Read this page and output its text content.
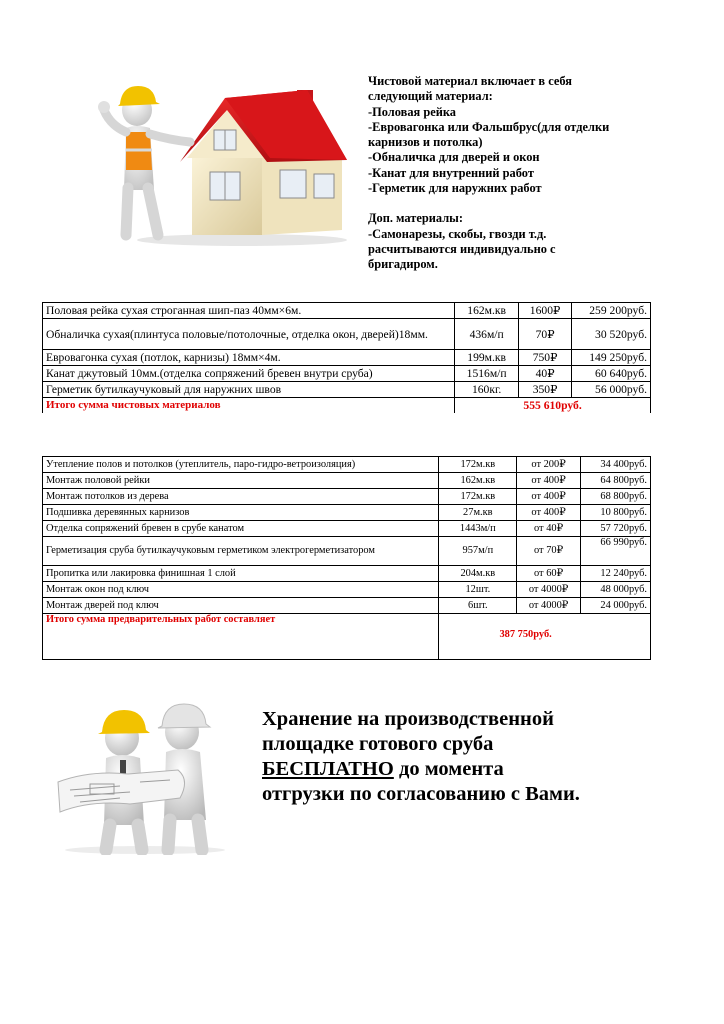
Чистовой материал включает в себя
следующий материал:
-Половая рейка
-Евровагонка или Фальшбрус(для отделки
карнизов и потолка)
-Обналичка для дверей и окон
-Канат для внутренний работ
-Герметик для наружних работ
Доп. материалы:
-Самонарезы, скобы, гвозди т.д.
расчитываются индивидуально с
бригадиром.
Половая рейка сухая строганная шип-паз 40мм×6м.	162м.кв	1600₽	259 200руб.
Обналичка сухая(плинтуса половые/потолочные, отделка окон, дверей)18мм.	436м/п	70₽	30 520руб.
Евровагонка сухая (потлок, карнизы) 18мм×4м.	199м.кв	750₽	149 250руб.
Канат джутовый 10мм.(отделка сопряжений бревен внутри сруба)	1516м/п	40₽	60 640руб.
Герметик бутилкаучуковый для наружних швов	160кг.	350₽	56 000руб.
Итого сумма чистовых материалов	555 610руб.		
Утепление полов и потолков (утеплитель, паро-гидро-ветроизоляция)	172м.кв	от 200₽	34 400руб.
Монтаж половой рейки	162м.кв	от 400₽	64 800руб.
Монтаж потолков из дерева	172м.кв	от 400₽	68 800руб.
Подшивка деревянных карнизов	27м.кв	от 400₽	10 800руб.
Отделка сопряжений бревен в срубе канатом	1443м/п	от 40₽	57 720руб.
Герметизация сруба бутилкаучуковым герметиком электрогерметизатором	957м/п	от 70₽	66 990руб.
Пропитка или лакировка финишная 1 слой	204м.кв	от 60₽	12 240руб.
Монтаж окон под ключ	12шт.	от 4000₽	48 000руб.
Монтаж дверей под ключ	6шт.	от 4000₽	24 000руб.
Итого сумма предварительных работ составляет	387 750руб.		
Хранение на производственной
площадке готового сруба
БЕСПЛАТНО до момента
отгрузки по согласованию с Вами.
